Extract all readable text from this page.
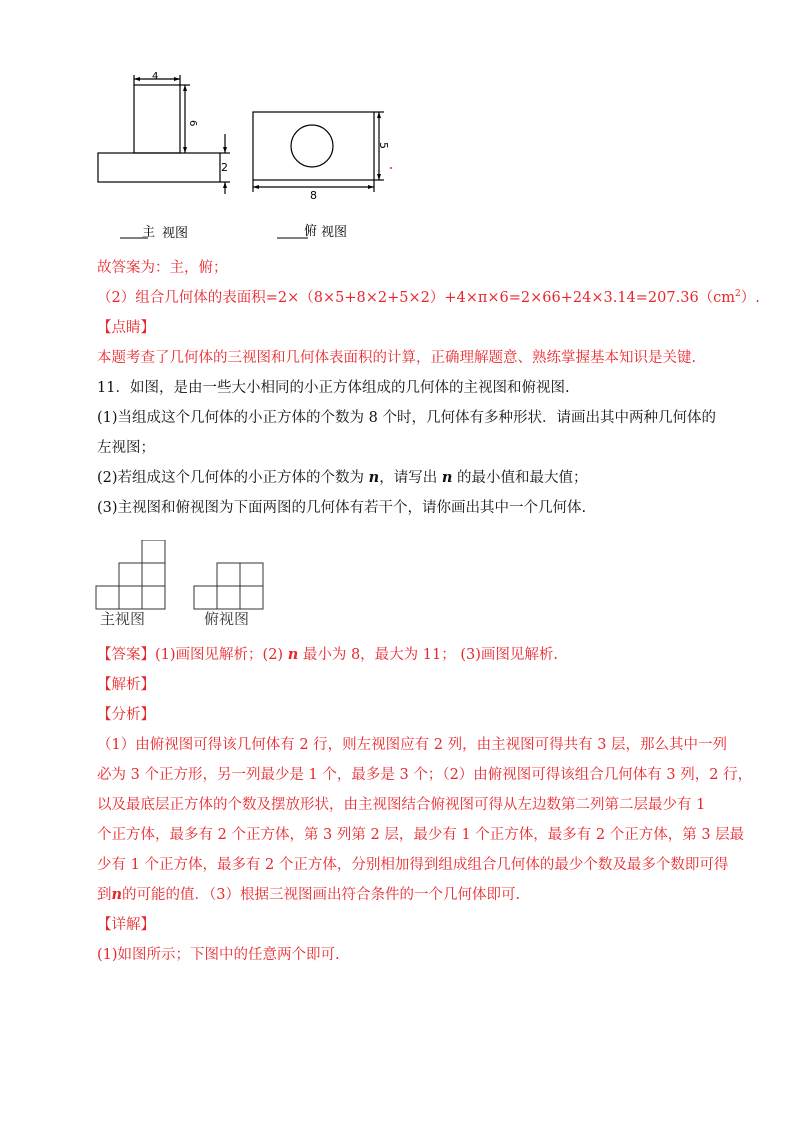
4
6
2
5
8
主 视图	俯 视图
故答案为：主，俯；
（2）组合几何体的表面积$=2\times(8\times 5+8\times 2+5\times 2)+4\times\pi\times 6=2\times 66+24\times 3.14=207.36(cm^2)$.
【点睛】
本题考查了几何体的三视图和几何体表面积的计算，正确理解题意、熟练掌握基本知识是关键.
11．如图，是由一些大小相同的小正方体组成的几何体的主视图和俯视图.
(1)当组成这个几何体的小正方体的个数为 8 个时，几何体有多种形状．请画出其中两种几何体的
左视图；
(2)若组成这个几何体的小正方体的个数为 n，请写出 n 的最小值和最大值；
(3)主视图和俯视图为下面两图的几何体有若干个，请你画出其中一个几何体.
主视图	俯视图
【答案】(1)画图见解析；(2) n 最小为 8，最大为 11； (3)画图见解析.
【解析】
【分析】
（1）由俯视图可得该几何体有 2 行，则左视图应有 2 列，由主视图可得共有 3 层，那么其中一列
必为 3 个正方形，另一列最少是 1 个，最多是 3 个；（2）由俯视图可得该组合几何体有 3 列，2 行，
以及最底层正方体的个数及摆放形状，由主视图结合俯视图可得从左边数第二列第二层最少有 1
个正方体，最多有 2 个正方体，第 3 列第 2 层，最少有 1 个正方体，最多有 2 个正方体，第 3 层最
少有 1 个正方体，最多有 2 个正方体，分别相加得到组成组合几何体的最少个数及最多个数即可得
到n的可能的值．（3）根据三视图画出符合条件的一个几何体即可.
【详解】
(1)如图所示；下图中的任意两个即可.
